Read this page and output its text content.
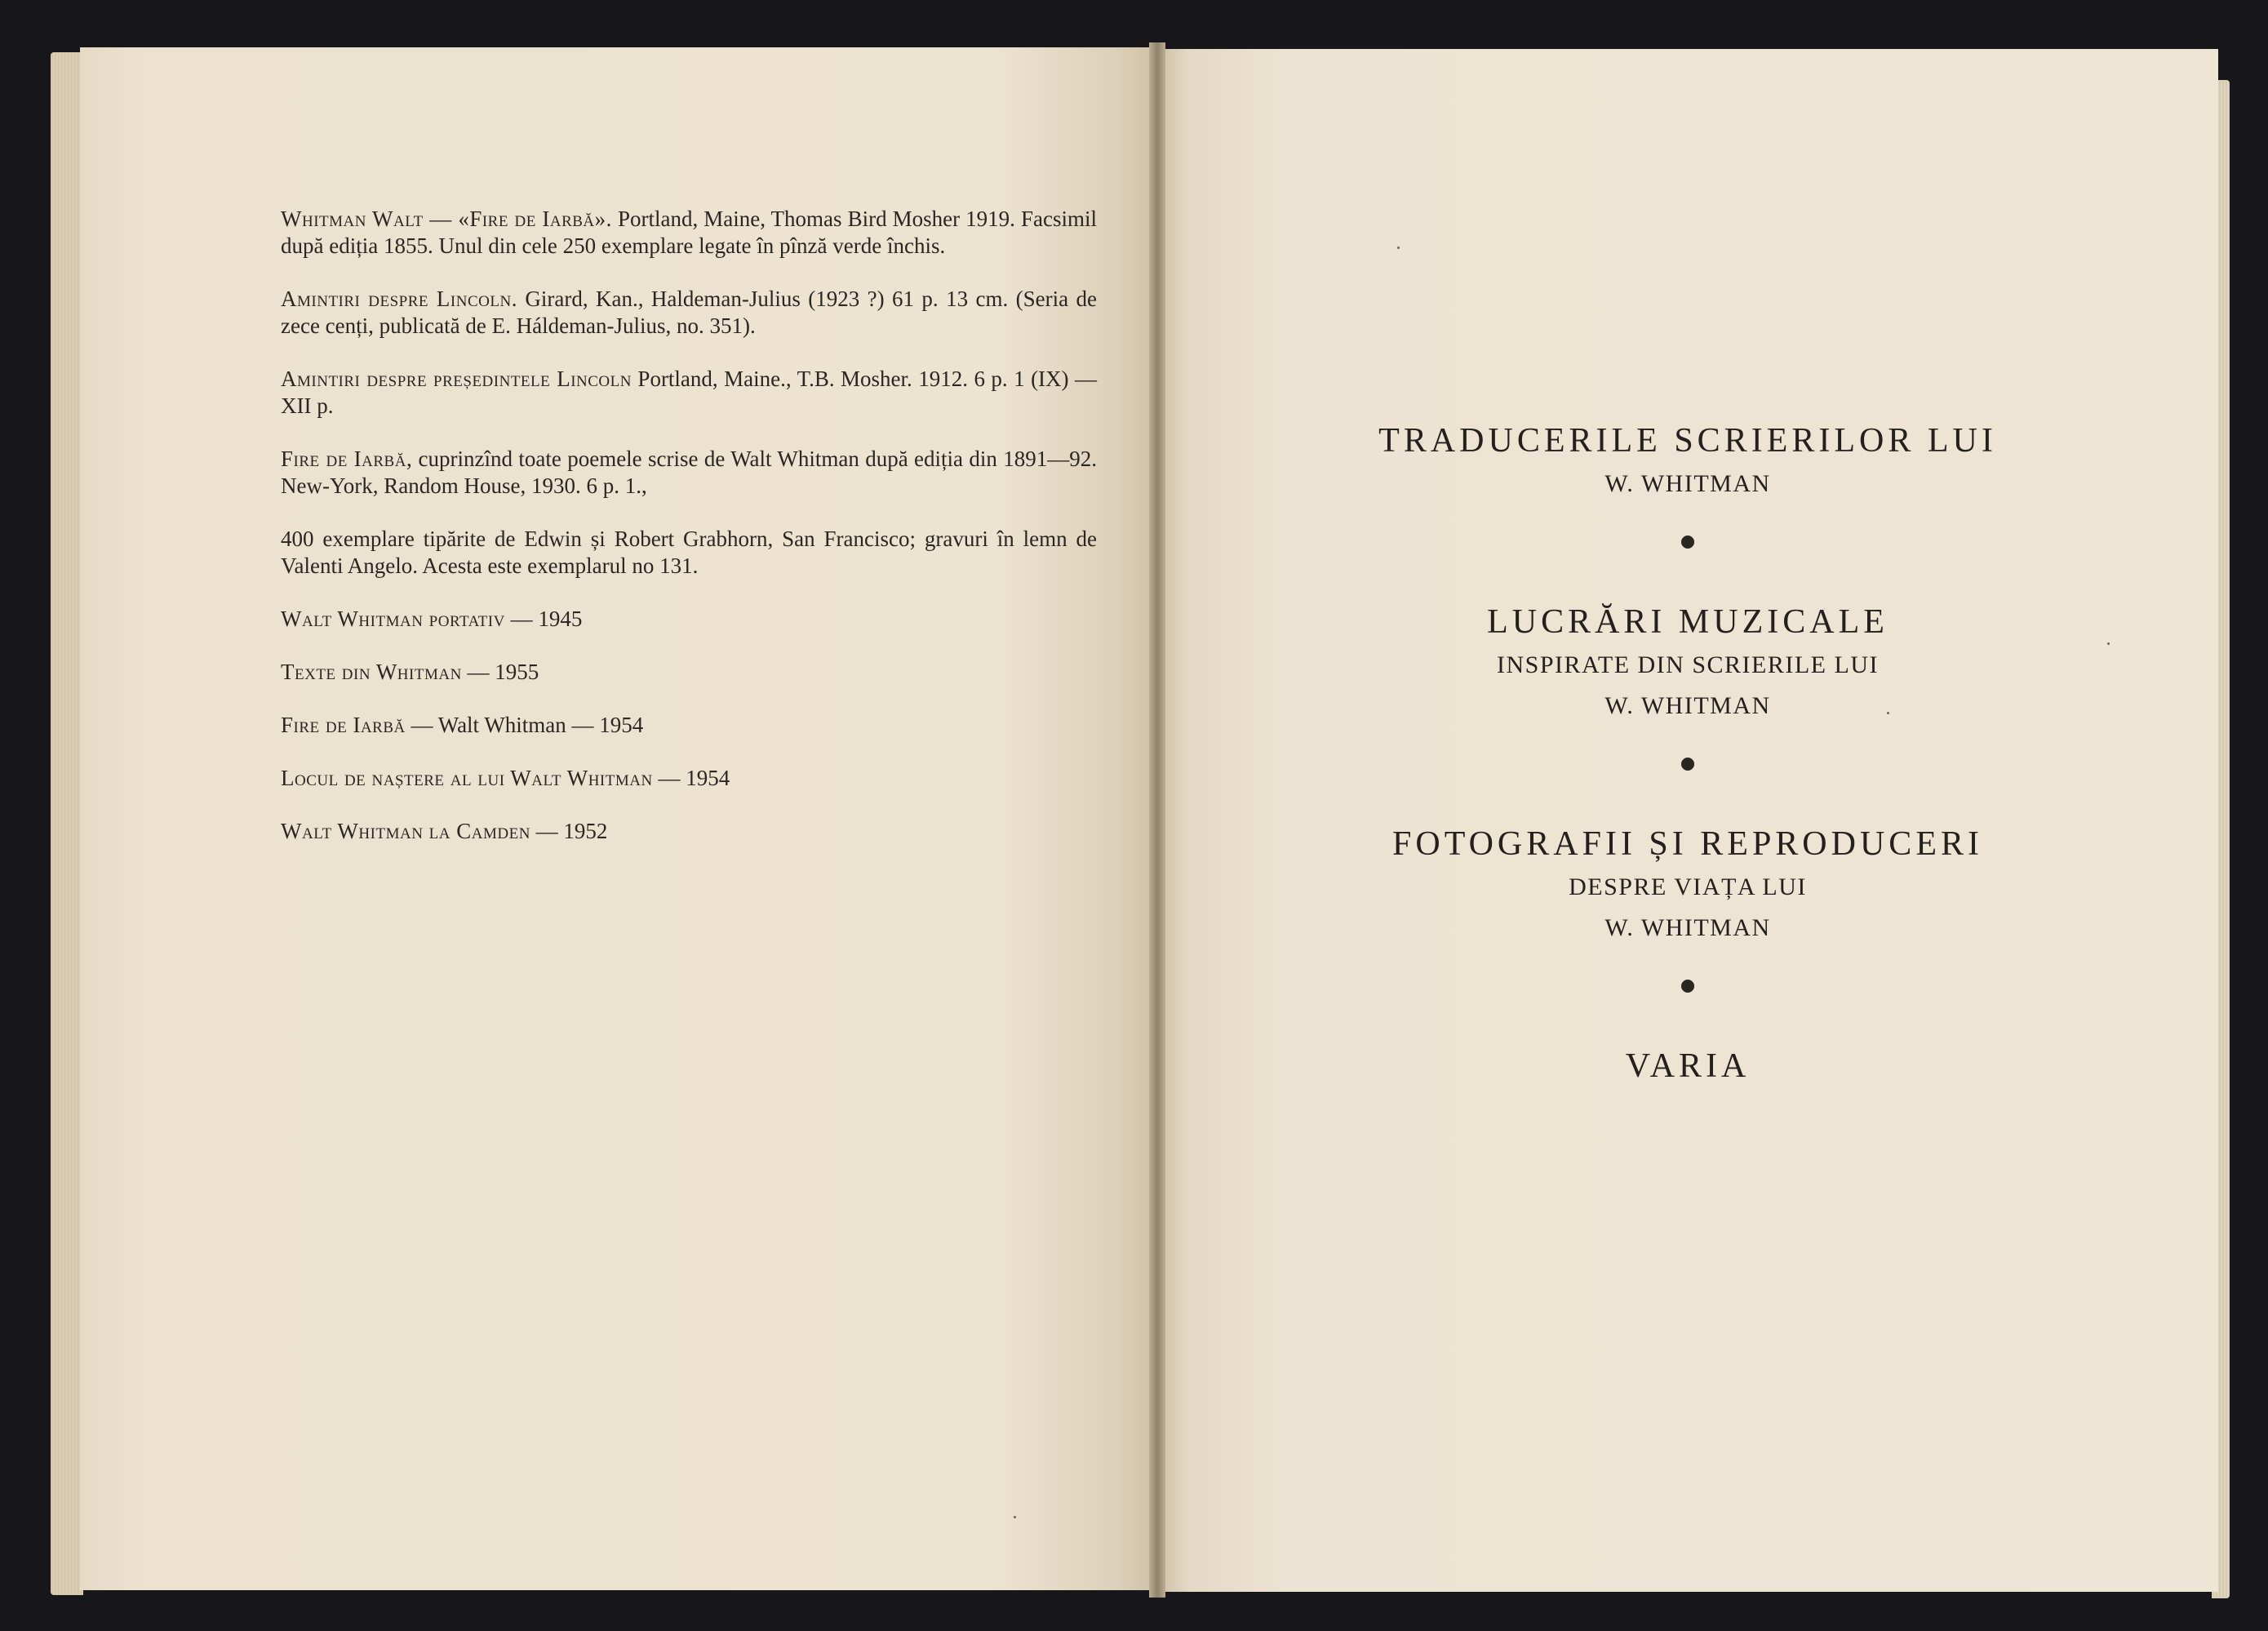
Whitman Walt — «Fire de Iarbă». Portland, Maine, Thomas Bird Mosher 1919. Facsimil după ediția 1855. Unul din cele 250 exemplare legate în pînză verde închis.
Amintiri despre Lincoln. Girard, Kan., Haldeman-Julius (1923 ?) 61 p. 13 cm. (Seria de zece cenți, publicată de E. Háldeman-Julius, no. 351).
Amintiri despre președintele Lincoln Portland, Maine., T.B. Mosher. 1912. 6 p. 1 (IX) — XII p.
Fire de Iarbă, cuprinzînd toate poemele scrise de Walt Whitman după ediția din 1891—92. New-York, Random House, 1930. 6 p. 1.,
400 exemplare tipărite de Edwin și Robert Grabhorn, San Francisco; gravuri în lemn de Valenti Angelo. Acesta este exemplarul no 131.
Walt Whitman portativ — 1945
Texte din Whitman — 1955
Fire de Iarbă — Walt Whitman — 1954
Locul de naștere al lui Walt Whitman — 1954
Walt Whitman la Camden — 1952

TRADUCERILE SCRIERILOR LUI

W. WHITMAN

LUCRĂRI MUZICALE

INSPIRATE DIN SCRIERILE LUI

W. WHITMAN

FOTOGRAFII ȘI REPRODUCERI

DESPRE VIAȚA LUI

W. WHITMAN

VARIA
